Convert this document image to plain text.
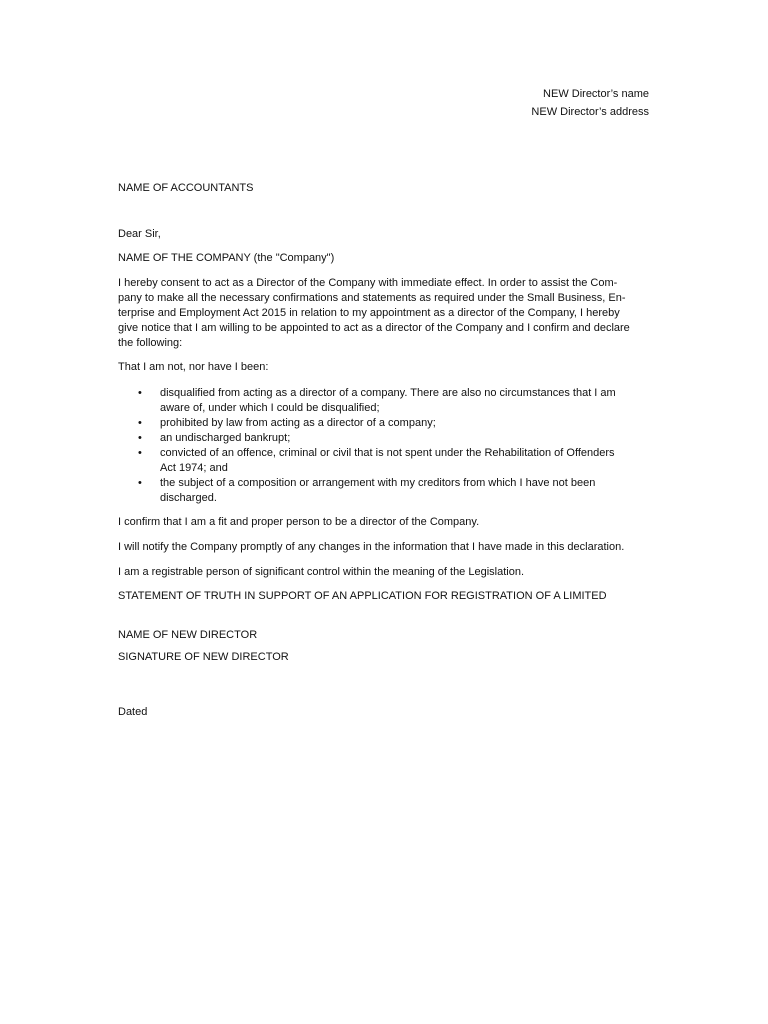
NEW Director’s name

NEW Director’s address

NAME OF ACCOUNTANTS

Dear Sir,

NAME OF THE COMPANY (the "Company")

I hereby consent to act as a Director of the Company with immediate effect. In order to assist the Com-
pany to make all the necessary confirmations and statements as required under the Small Business, En-
terprise and Employment Act 2015 in relation to my appointment as a director of the Company, I hereby
give notice that I am willing to be appointed to act as a director of the Company and I confirm and declare
the following:

That I am not, nor have I been:

• disqualified from acting as a director of a company. There are also no circumstances that I am
aware of, under which I could be disqualified;
• prohibited by law from acting as a director of a company;
• an undischarged bankrupt;
• convicted of an offence, criminal or civil that is not spent under the Rehabilitation of Offenders
Act 1974; and
• the subject of a composition or arrangement with my creditors from which I have not been
discharged.

I confirm that I am a fit and proper person to be a director of the Company.

I will notify the Company promptly of any changes in the information that I have made in this declaration.

I am a registrable person of significant control within the meaning of the Legislation.

STATEMENT OF TRUTH IN SUPPORT OF AN APPLICATION FOR REGISTRATION OF A LIMITED

NAME OF NEW DIRECTOR

SIGNATURE OF NEW DIRECTOR

Dated
